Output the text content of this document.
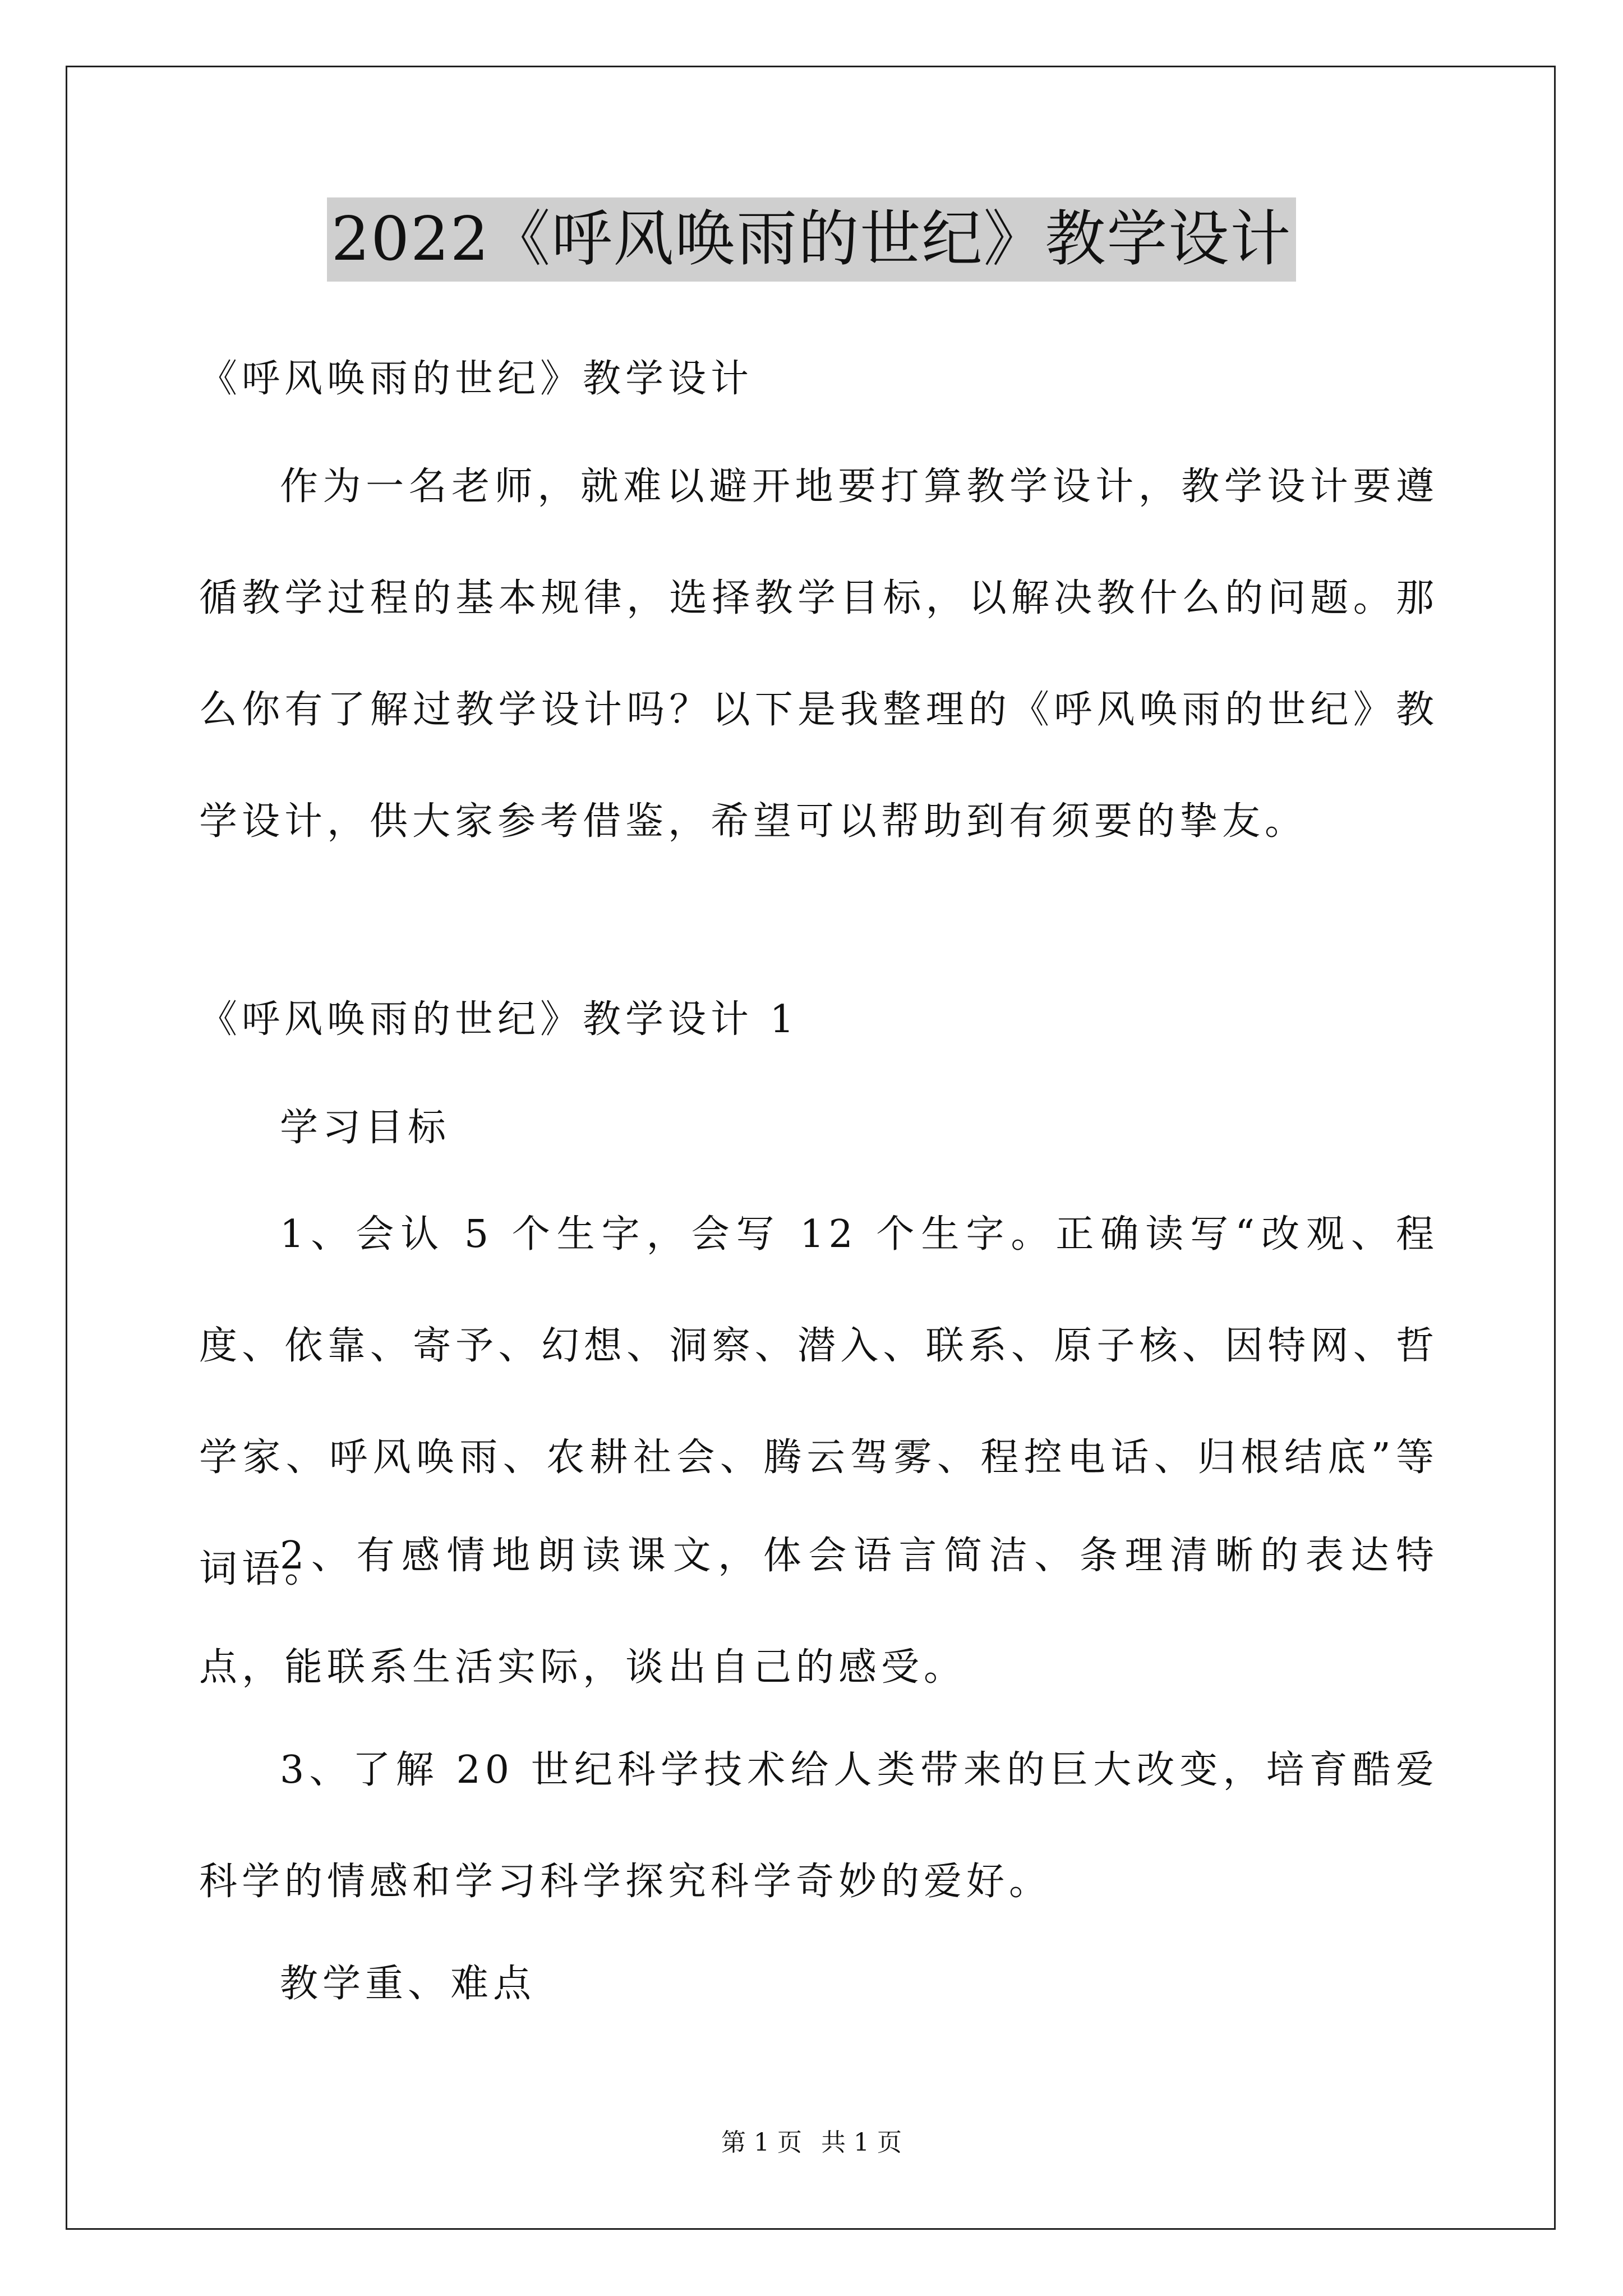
2022《呼风唤雨的世纪》教学设计

《呼风唤雨的世纪》教学设计

作为一名老师，就难以避开地要打算教学设计，教学设计要遵循教学过程的基本规律，选择教学目标，以解决教什么的问题。那么你有了解过教学设计吗？以下是我整理的《呼风唤雨的世纪》教学设计，供大家参考借鉴，希望可以帮助到有须要的挚友。

《呼风唤雨的世纪》教学设计 1

学习目标

1、会认 5 个生字，会写 12 个生字。正确读写“改观、程度、依靠、寄予、幻想、洞察、潜入、联系、原子核、因特网、哲学家、呼风唤雨、农耕社会、腾云驾雾、程控电话、归根结底”等词语。

2、有感情地朗读课文，体会语言简洁、条理清晰的表达特点，能联系生活实际，谈出自己的感受。

3、了解 20 世纪科学技术给人类带来的巨大改变，培育酷爱科学的情感和学习科学探究科学奇妙的爱好。

教学重、难点

第 1 页 共 1 页
